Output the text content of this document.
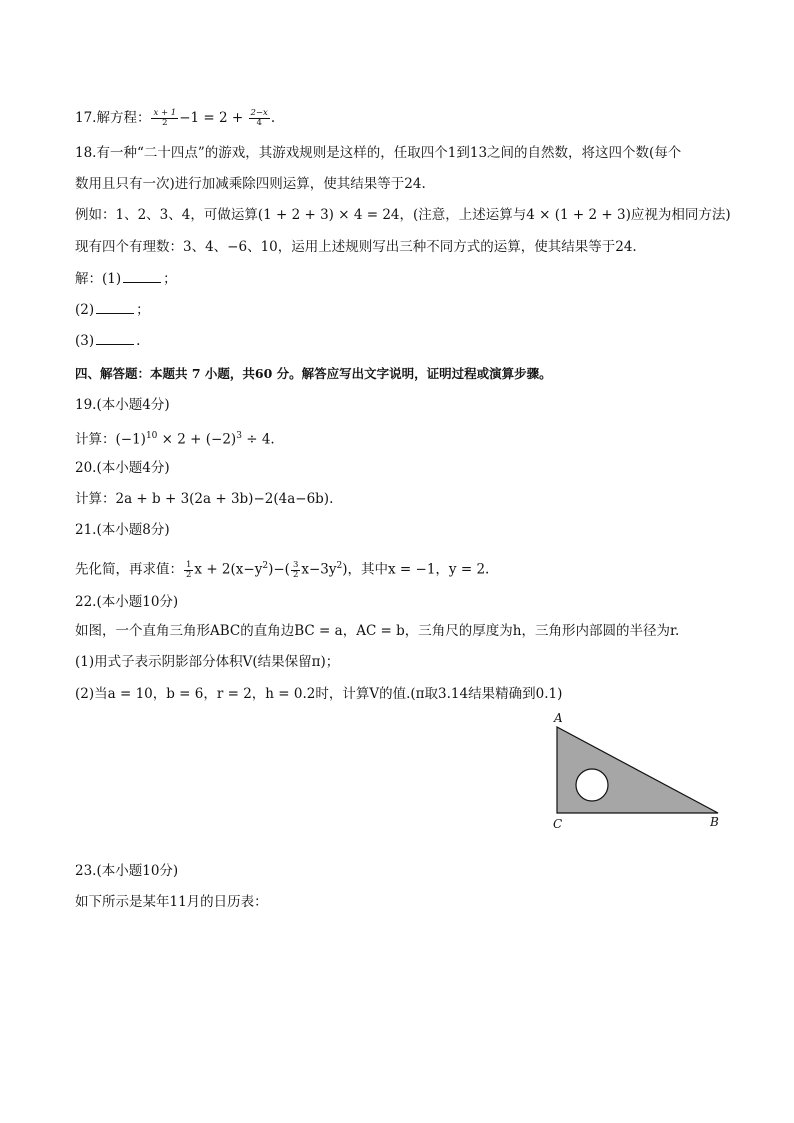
17.解方程： $\frac{x + 1}{2} -1 = 2 + \frac{2-x}{4}$ .
18.有一种“二十四点”的游戏，其游戏规则是这样的，任取四个1到13之间的自然数，将这四个数(每个
数用且只有一次)进行加减乘除四则运算，使其结果等于24.
例如：1、2、3、4，可做运算(1 + 2 + 3) × 4 = 24，(注意，上述运算与4 × (1 + 2 + 3)应视为相同方法)
现有四个有理数：3、4、−6、10，运用上述规则写出三种不同方式的运算，使其结果等于24.
解：(1)	；
(2)	；
(3)	.
四、解答题：本题共 7 小题，共60 分。解答应写出文字说明，证明过程或演算步骤。
19.(本小题4分)
计算：$(-1)^{10} \times 2 + (-2)^3 \div 4$.
20.(本小题4分)
计算：2a + b + 3(2a + 3b)−2(4a−6b).
21.(本小题8分)
先化简，再求值： $\frac{1}{2}$ $x + 2(x-y^2)-( \frac{3}{2} x-3y^2)$，其中x = −1，y = 2.
22.(本小题10分)
如图，一个直角三角形ABC的直角边BC = a，AC = b，三角尺的厚度为h，三角形内部圆的半径为r.
(1)用式子表示阴影部分体积V(结果保留π)；
(2)当a = 10，b = 6，r = 2，h = 0.2时，计算V的值.(π取3.14结果精确到0.1)
A
C	B
23.(本小题10分)
如下所示是某年11月的日历表：
